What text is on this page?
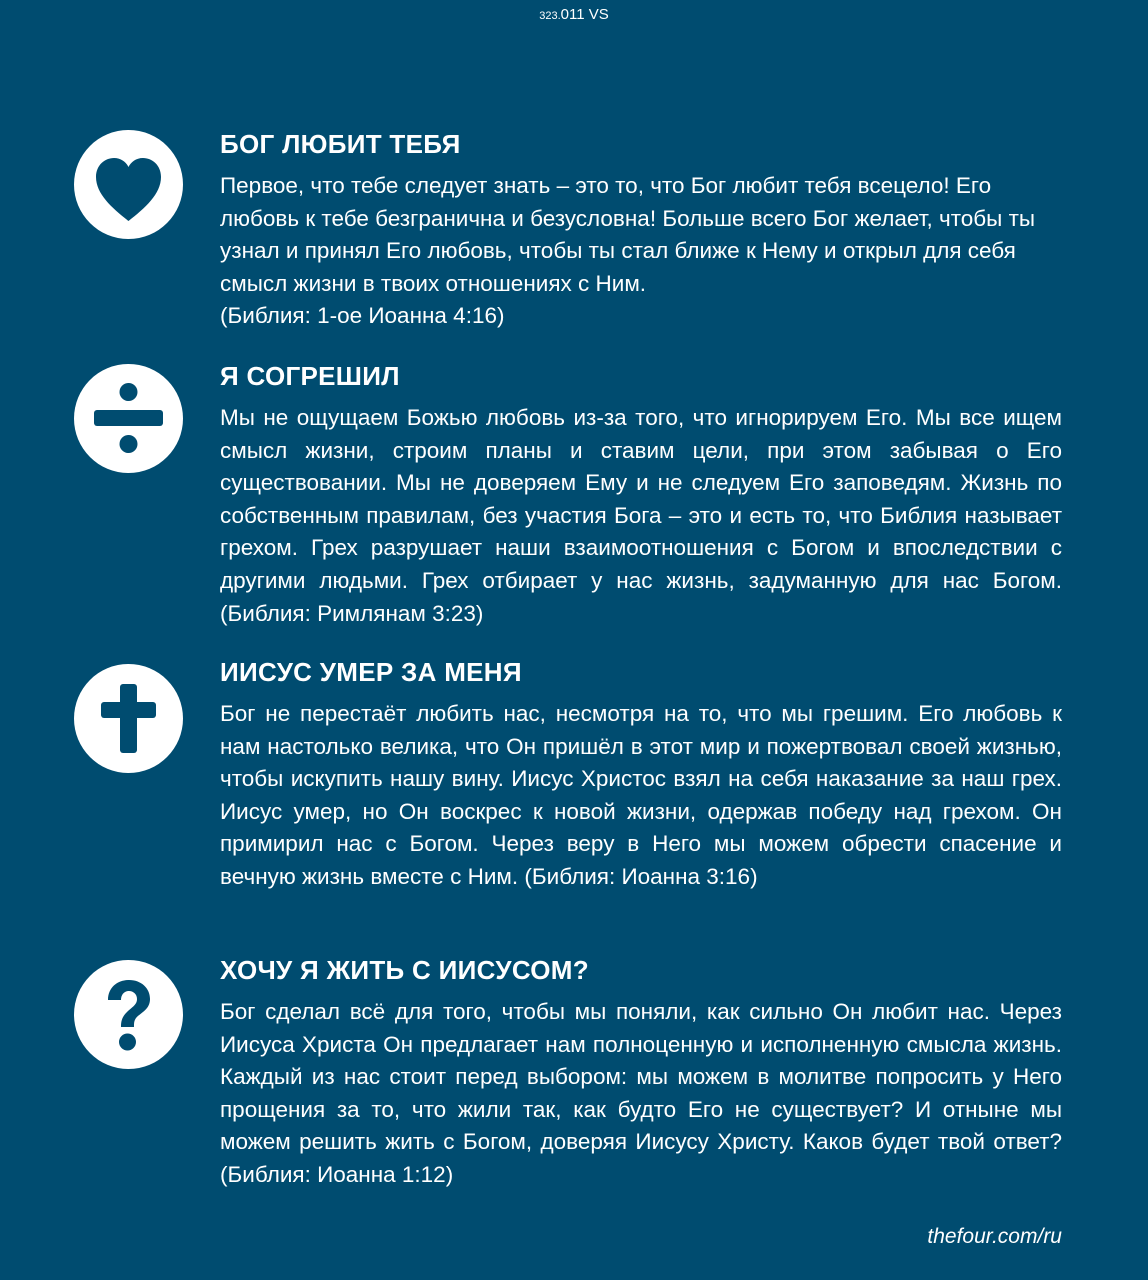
323.011 VS
БОГ ЛЮБИТ ТЕБЯ
Первое, что тебе следует знать – это то, что Бог любит тебя всецело! Его любовь к тебе безгранична и безусловна! Больше всего Бог желает, чтобы ты узнал и принял Его любовь, чтобы ты стал ближе к Нему и открыл для себя смысл жизни в твоих отношениях с Ним.
(Библия: 1-ое Иоанна 4:16)
Я СОГРЕШИЛ
Мы не ощущаем Божью любовь из-за того, что игнорируем Его. Мы все ищем смысл жизни, строим планы и ставим цели, при этом забывая о Его существовании. Мы не доверяем Ему и не следуем Его заповедям. Жизнь по собственным правилам, без участия Бога – это и есть то, что Библия называет грехом. Грех разрушает наши взаимоотношения с Богом и впоследствии с другими людьми. Грех отбирает у нас жизнь, задуманную для нас Богом. (Библия: Римлянам 3:23)
ИИСУС УМЕР ЗА МЕНЯ
Бог не перестаёт любить нас, несмотря на то, что мы грешим. Его любовь к нам настолько велика, что Он пришёл в этот мир и пожертвовал своей жизнью, чтобы искупить нашу вину. Иисус Христос взял на себя наказание за наш грех. Иисус умер, но Он воскрес к новой жизни, одержав победу над грехом. Он примирил нас с Богом. Через веру в Него мы можем обрести спасение и вечную жизнь вместе с Ним. (Библия: Иоанна 3:16)
ХОЧУ Я ЖИТЬ С ИИСУСОМ?
Бог сделал всё для того, чтобы мы поняли, как сильно Он любит нас. Через Иисуса Христа Он предлагает нам полноценную и исполненную смысла жизнь. Каждый из нас стоит перед выбором: мы можем в молитве попросить у Него прощения за то, что жили так, как будто Его не существует? И отныне мы можем решить жить с Богом, доверяя Иисусу Христу. Каков будет твой ответ? (Библия: Иоанна 1:12)
thefour.com/ru
